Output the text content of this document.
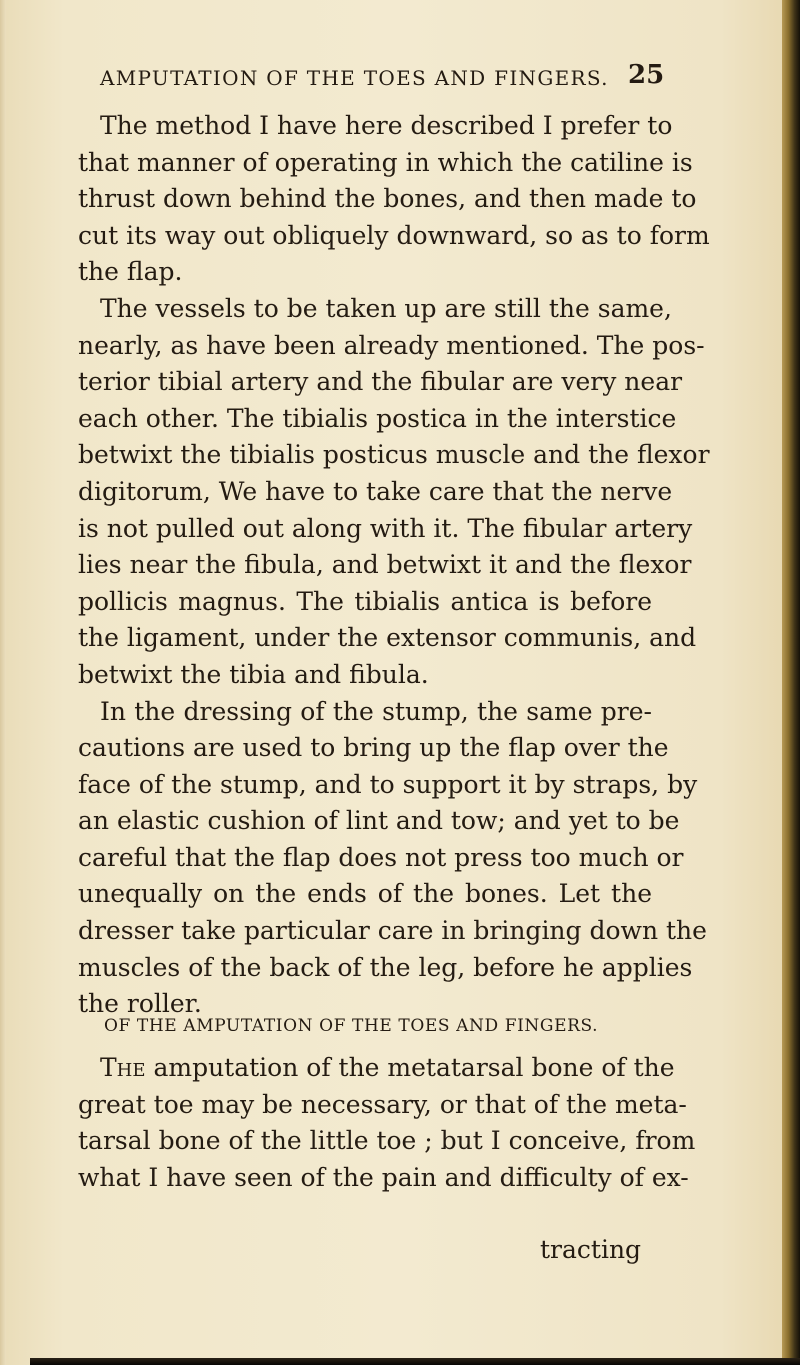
AMPUTATION OF THE TOES AND FINGERS. 25
The method I have here described I prefer to
that manner of operating in which the catiline is
thrust down behind the bones, and then made to
cut its way out obliquely downward, so as to form
the flap.
The vessels to be taken up are still the same,
nearly, as have been already mentioned. The pos-
terior tibial artery and the fibular are very near
each other. The tibialis postica in the interstice
betwixt the tibialis posticus muscle and the flexor
digitorum, We have to take care that the nerve
is not pulled out along with it. The fibular artery
lies near the fibula, and betwixt it and the flexor
pollicis magnus. The tibialis antica is before
the ligament, under the extensor communis, and
betwixt the tibia and fibula.
In the dressing of the stump, the same pre-
cautions are used to bring up the flap over the
face of the stump, and to support it by straps, by
an elastic cushion of lint and tow; and yet to be
careful that the flap does not press too much or
unequally on the ends of the bones. Let the
dresser take particular care in bringing down the
muscles of the back of the leg, before he applies
the roller.
OF THE AMPUTATION OF THE TOES AND FINGERS.
The amputation of the metatarsal bone of the
great toe may be necessary, or that of the meta-
tarsal bone of the little toe ; but I conceive, from
what I have seen of the pain and difficulty of ex-
tracting
